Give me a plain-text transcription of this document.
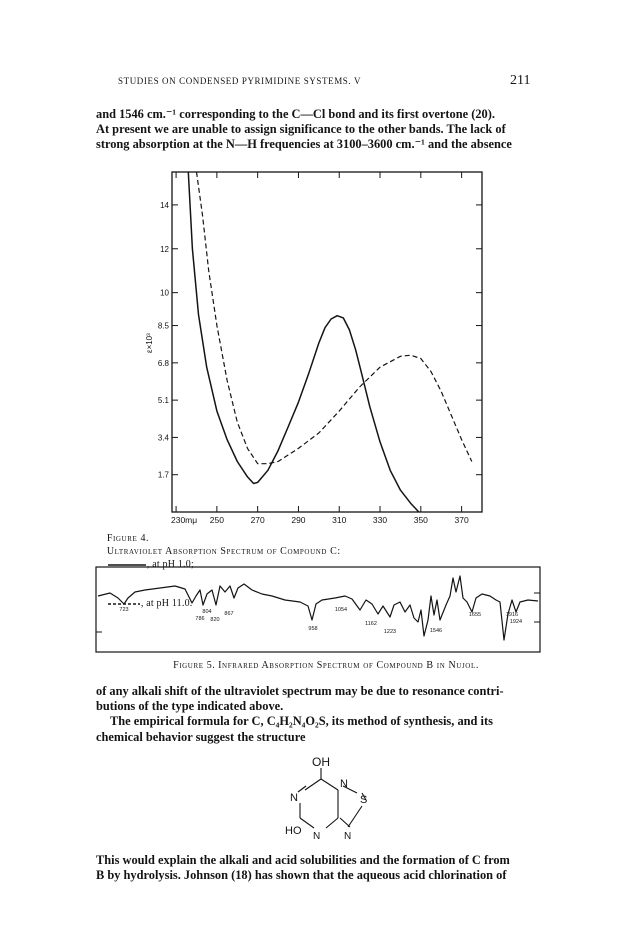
STUDIES ON CONDENSED PYRIMIDINE SYSTEMS. V	211

and 1546 cm.⁻¹ corresponding to the C—Cl bond and its first overtone (20).

At present we are unable to assign significance to the other bands. The lack of

strong absorption at the N—H frequencies at 3100–3600 cm.⁻¹ and the absence

14
12
10
8.5
6.8
5.1
3.4
1.7
ε×10³
230mμ 250	270	290	310	330	350	370

Figure 4.
Ultraviolet Absorption Spectrum of Compound C:
, at pH 1.0;

, at pH 11.0.

723
786
804
820
867
958
1054
1162
1223	1546
1655	1916
1924
Figure 5. Infrared Absorption Spectrum of Compound B in Nujol.

of any alkali shift of the ultraviolet spectrum may be due to resonance contri-

butions of the type indicated above.

The empirical formula for C, C₄H₂N₄O₂S, its method of synthesis, and its

chemical behavior suggest the structure

OH
N
N
S
HO N N

This would explain the alkali and acid solubilities and the formation of C from

B by hydrolysis. Johnson (18) has shown that the aqueous acid chlorination of
